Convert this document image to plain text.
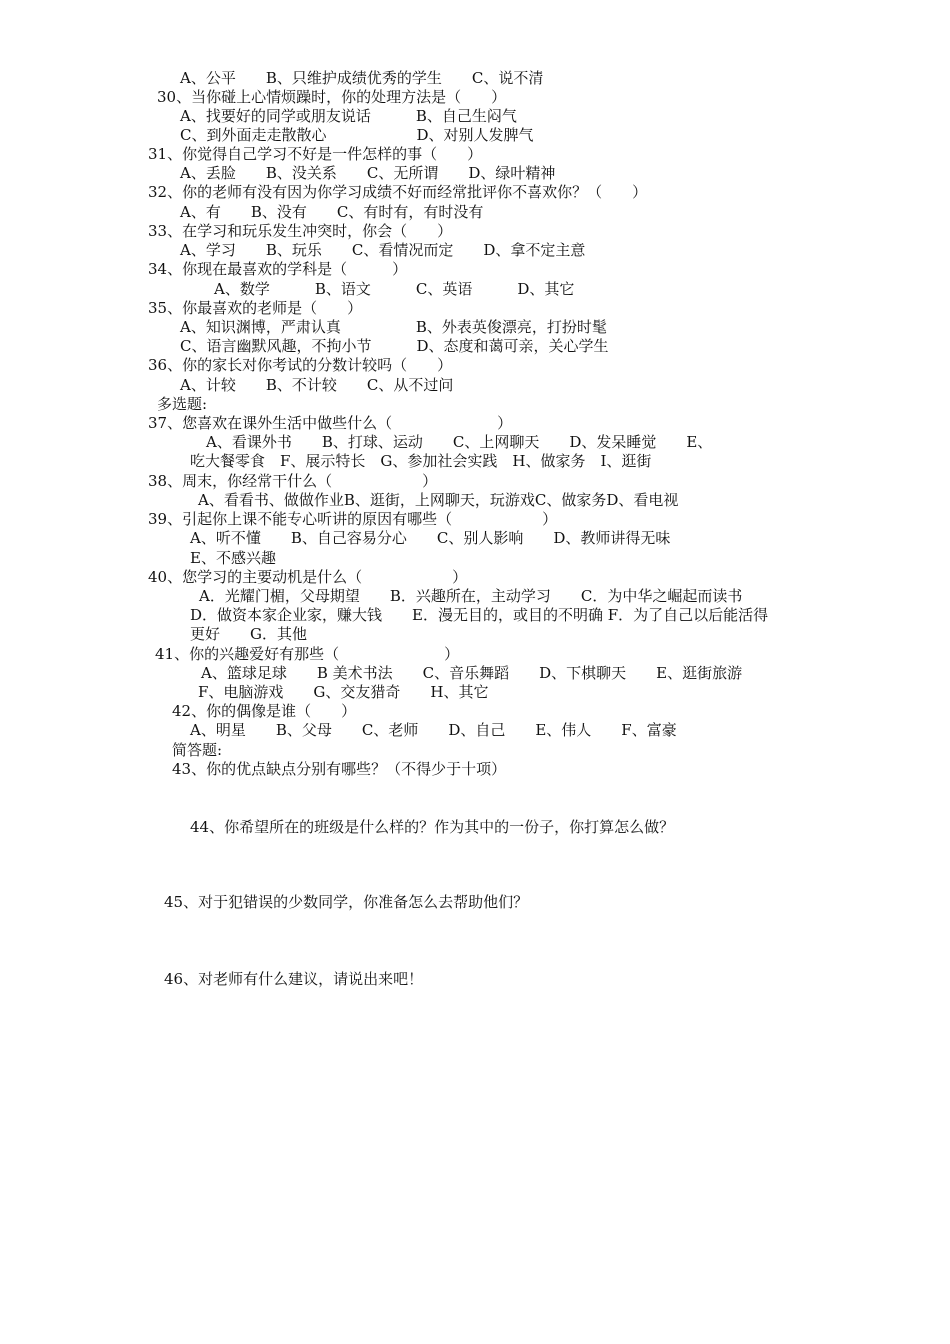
A、公平　　B、只维护成绩优秀的学生　　C、说不清
30、当你碰上心情烦躁时，你的处理方法是（　　）
A、找要好的同学或朋友说话　　　B、自己生闷气
C、到外面走走散散心　　　　　　D、对别人发脾气
31、你觉得自己学习不好是一件怎样的事（　　）
A、丢脸　　B、没关系　　C、无所谓　　D、绿叶精神
32、你的老师有没有因为你学习成绩不好而经常批评你不喜欢你？（　　）
A、有　　B、没有　　C、有时有，有时没有
33、在学习和玩乐发生冲突时，你会（　　）
A、学习　　B、玩乐　　C、看情况而定　　D、拿不定主意
34、你现在最喜欢的学科是（　　　）
A、数学　　　B、语文　　　C、英语　　　D、其它
35、你最喜欢的老师是（　　）
A、知识渊博，严肃认真　　　　　B、外表英俊漂亮，打扮时髦
C、语言幽默风趣，不拘小节　　　D、态度和蔼可亲，关心学生
36、你的家长对你考试的分数计较吗（　　）
A、计较　　B、不计较　　C、从不过问
多选题:
37、您喜欢在课外生活中做些什么（　　　　　　　）
A、看课外书　　B、打球、运动　　C、上网聊天　　D、发呆睡觉　　E、
吃大餐零食　F、展示特长　G、参加社会实践　H、做家务　I、逛街
38、周末，你经常干什么（　　　　　　）
A、看看书、做做作业B、逛街，上网聊天，玩游戏C、做家务D、看电视
39、引起你上课不能专心听讲的原因有哪些（　　　　　　）
A、听不懂　　B、自己容易分心　　C、别人影响　　D、教师讲得无味
E、不感兴趣
40、您学习的主要动机是什么（　　　　　　）
A．光耀门楣，父母期望　　B．兴趣所在，主动学习　　C．为中华之崛起而读书
D．做资本家企业家，赚大钱　　E．漫无目的，或目的不明确 F．为了自己以后能活得
更好　　G．其他
41、你的兴趣爱好有那些（　　　　　　　）
A、篮球足球　　B 美术书法　　C、音乐舞蹈　　D、下棋聊天　　E、逛街旅游
F、电脑游戏　　G、交友猎奇　　H、其它
42、你的偶像是谁（　　）
A、明星　　B、父母　　C、老师　　D、自己　　E、伟人　　F、富豪
简答题:
43、你的优点缺点分别有哪些？（不得少于十项）
44、你希望所在的班级是什么样的？作为其中的一份子，你打算怎么做？
45、对于犯错误的少数同学，你准备怎么去帮助他们？
46、对老师有什么建议，请说出来吧！
